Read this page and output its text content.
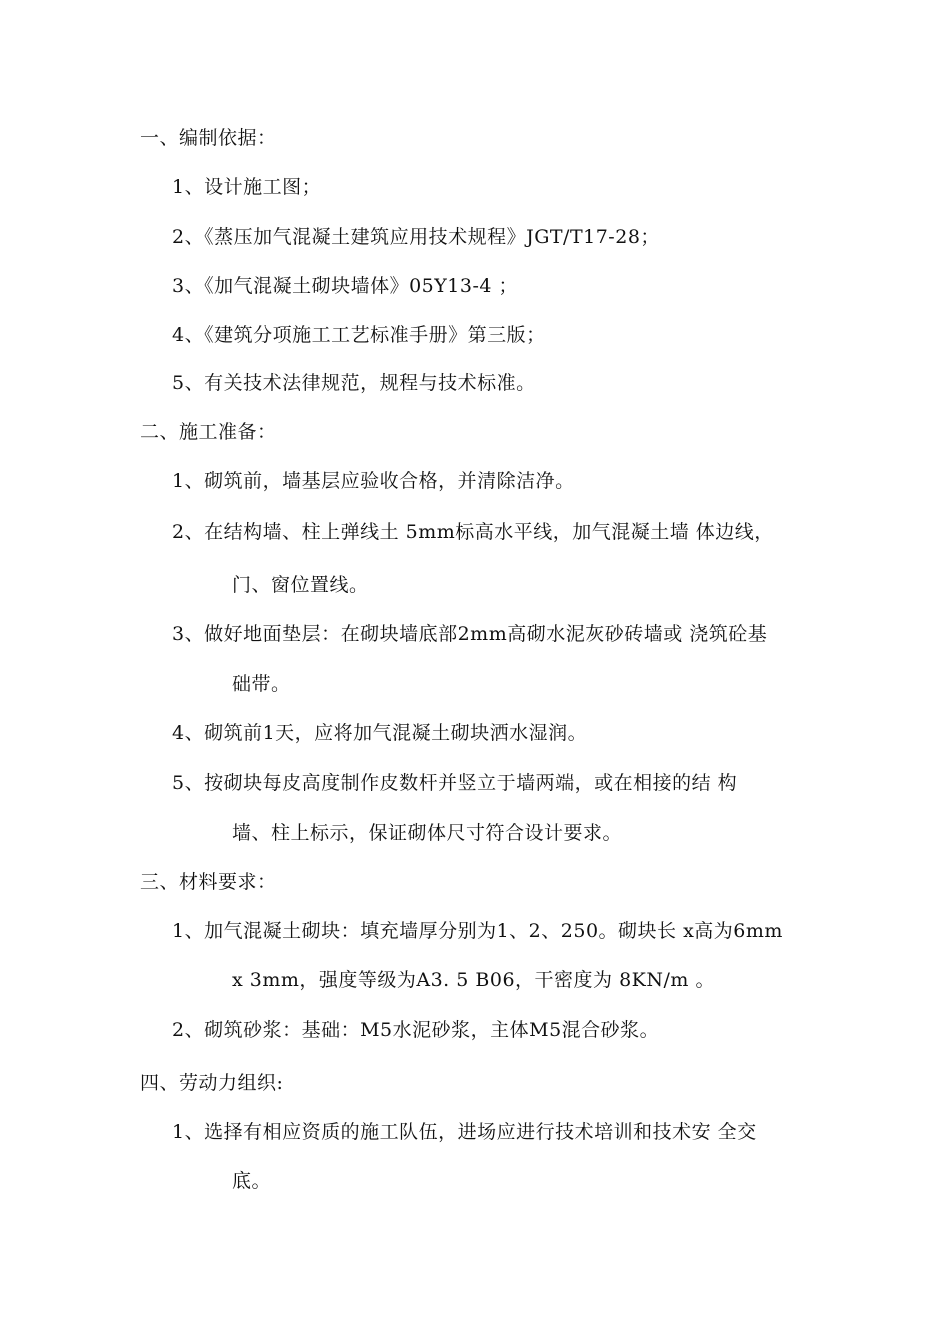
一、编制依据：
1、设计施工图；
2、《蒸压加气混凝土建筑应用技术规程》JGT/T17-28；
3、《加气混凝土砌块墙体》05Y13-4 ；
4、《建筑分项施工工艺标准手册》第三版；
5、有关技术法律规范，规程与技术标准。
二、施工准备：
1、砌筑前，墙基层应验收合格，并清除洁净。
2、在结构墙、柱上弹线土 5mm标高水平线，加气混凝土墙 体边线，
门、窗位置线。
3、做好地面垫层：在砌块墙底部2mm高砌水泥灰砂砖墙或 浇筑砼基
础带。
4、砌筑前1天，应将加气混凝土砌块洒水湿润。
5、按砌块每皮高度制作皮数杆并竖立于墙两端，或在相接的结 构
墙、柱上标示，保证砌体尺寸符合设计要求。
三、材料要求：
1、加气混凝土砌块：填充墙厚分别为1、2、250。砌块长 x高为6mm
x 3mm，强度等级为A3. 5 B06，干密度为 8KN/m 。
2、砌筑砂浆：基础：M5水泥砂浆，主体M5混合砂浆。
四、劳动力组织:
1、选择有相应资质的施工队伍，进场应进行技术培训和技术安 全交
底。
